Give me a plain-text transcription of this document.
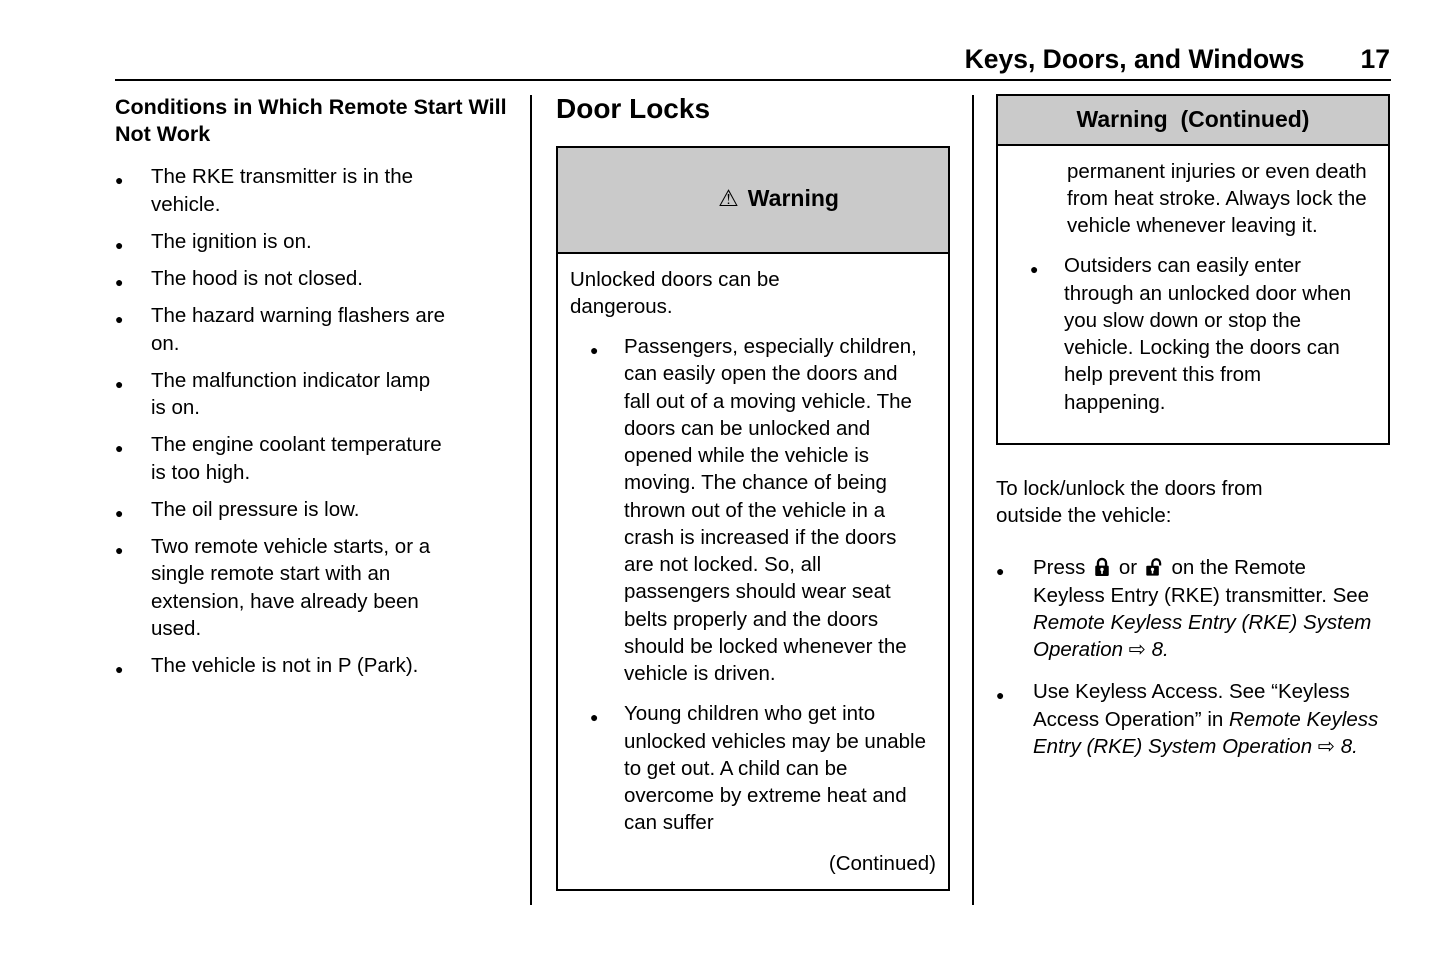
Keys, Doors, and Windows 17
Conditions in Which Remote Start Will Not Work
●
The RKE transmitter is in the vehicle.
●
The ignition is on.
●
The hood is not closed.
●
The hazard warning flashers are on.
●
The malfunction indicator lamp is on.
●
The engine coolant temperature is too high.
●
The oil pressure is low.
●
Two remote vehicle starts, or a single remote start with an extension, have already been used.
●
The vehicle is not in P (Park).
Door Locks

⚠ Warning

Unlocked doors can be dangerous.
●
Passengers, especially children, can easily open the doors and fall out of a moving vehicle. The doors can be unlocked and opened while the vehicle is moving. The chance of being thrown out of the vehicle in a crash is increased if the doors are not locked. So, all passengers should wear seat belts properly and the doors should be locked whenever the vehicle is driven.
●
Young children who get into unlocked vehicles may be unable to get out. A child can be overcome by extreme heat and can suffer
(Continued)
Warning  (Continued)
permanent injuries or even death from heat stroke. Always lock the vehicle whenever leaving it.
●
Outsiders can easily enter through an unlocked door when you slow down or stop the vehicle. Locking the doors can help prevent this from happening.
To lock/unlock the doors from outside the vehicle:
●
Press or on the Remote Keyless Entry (RKE) transmitter. See Remote Keyless Entry (RKE) System Operation ⇨ 8.
●
Use Keyless Access. See “Keyless Access Operation” in Remote Keyless Entry (RKE) System Operation ⇨ 8.
